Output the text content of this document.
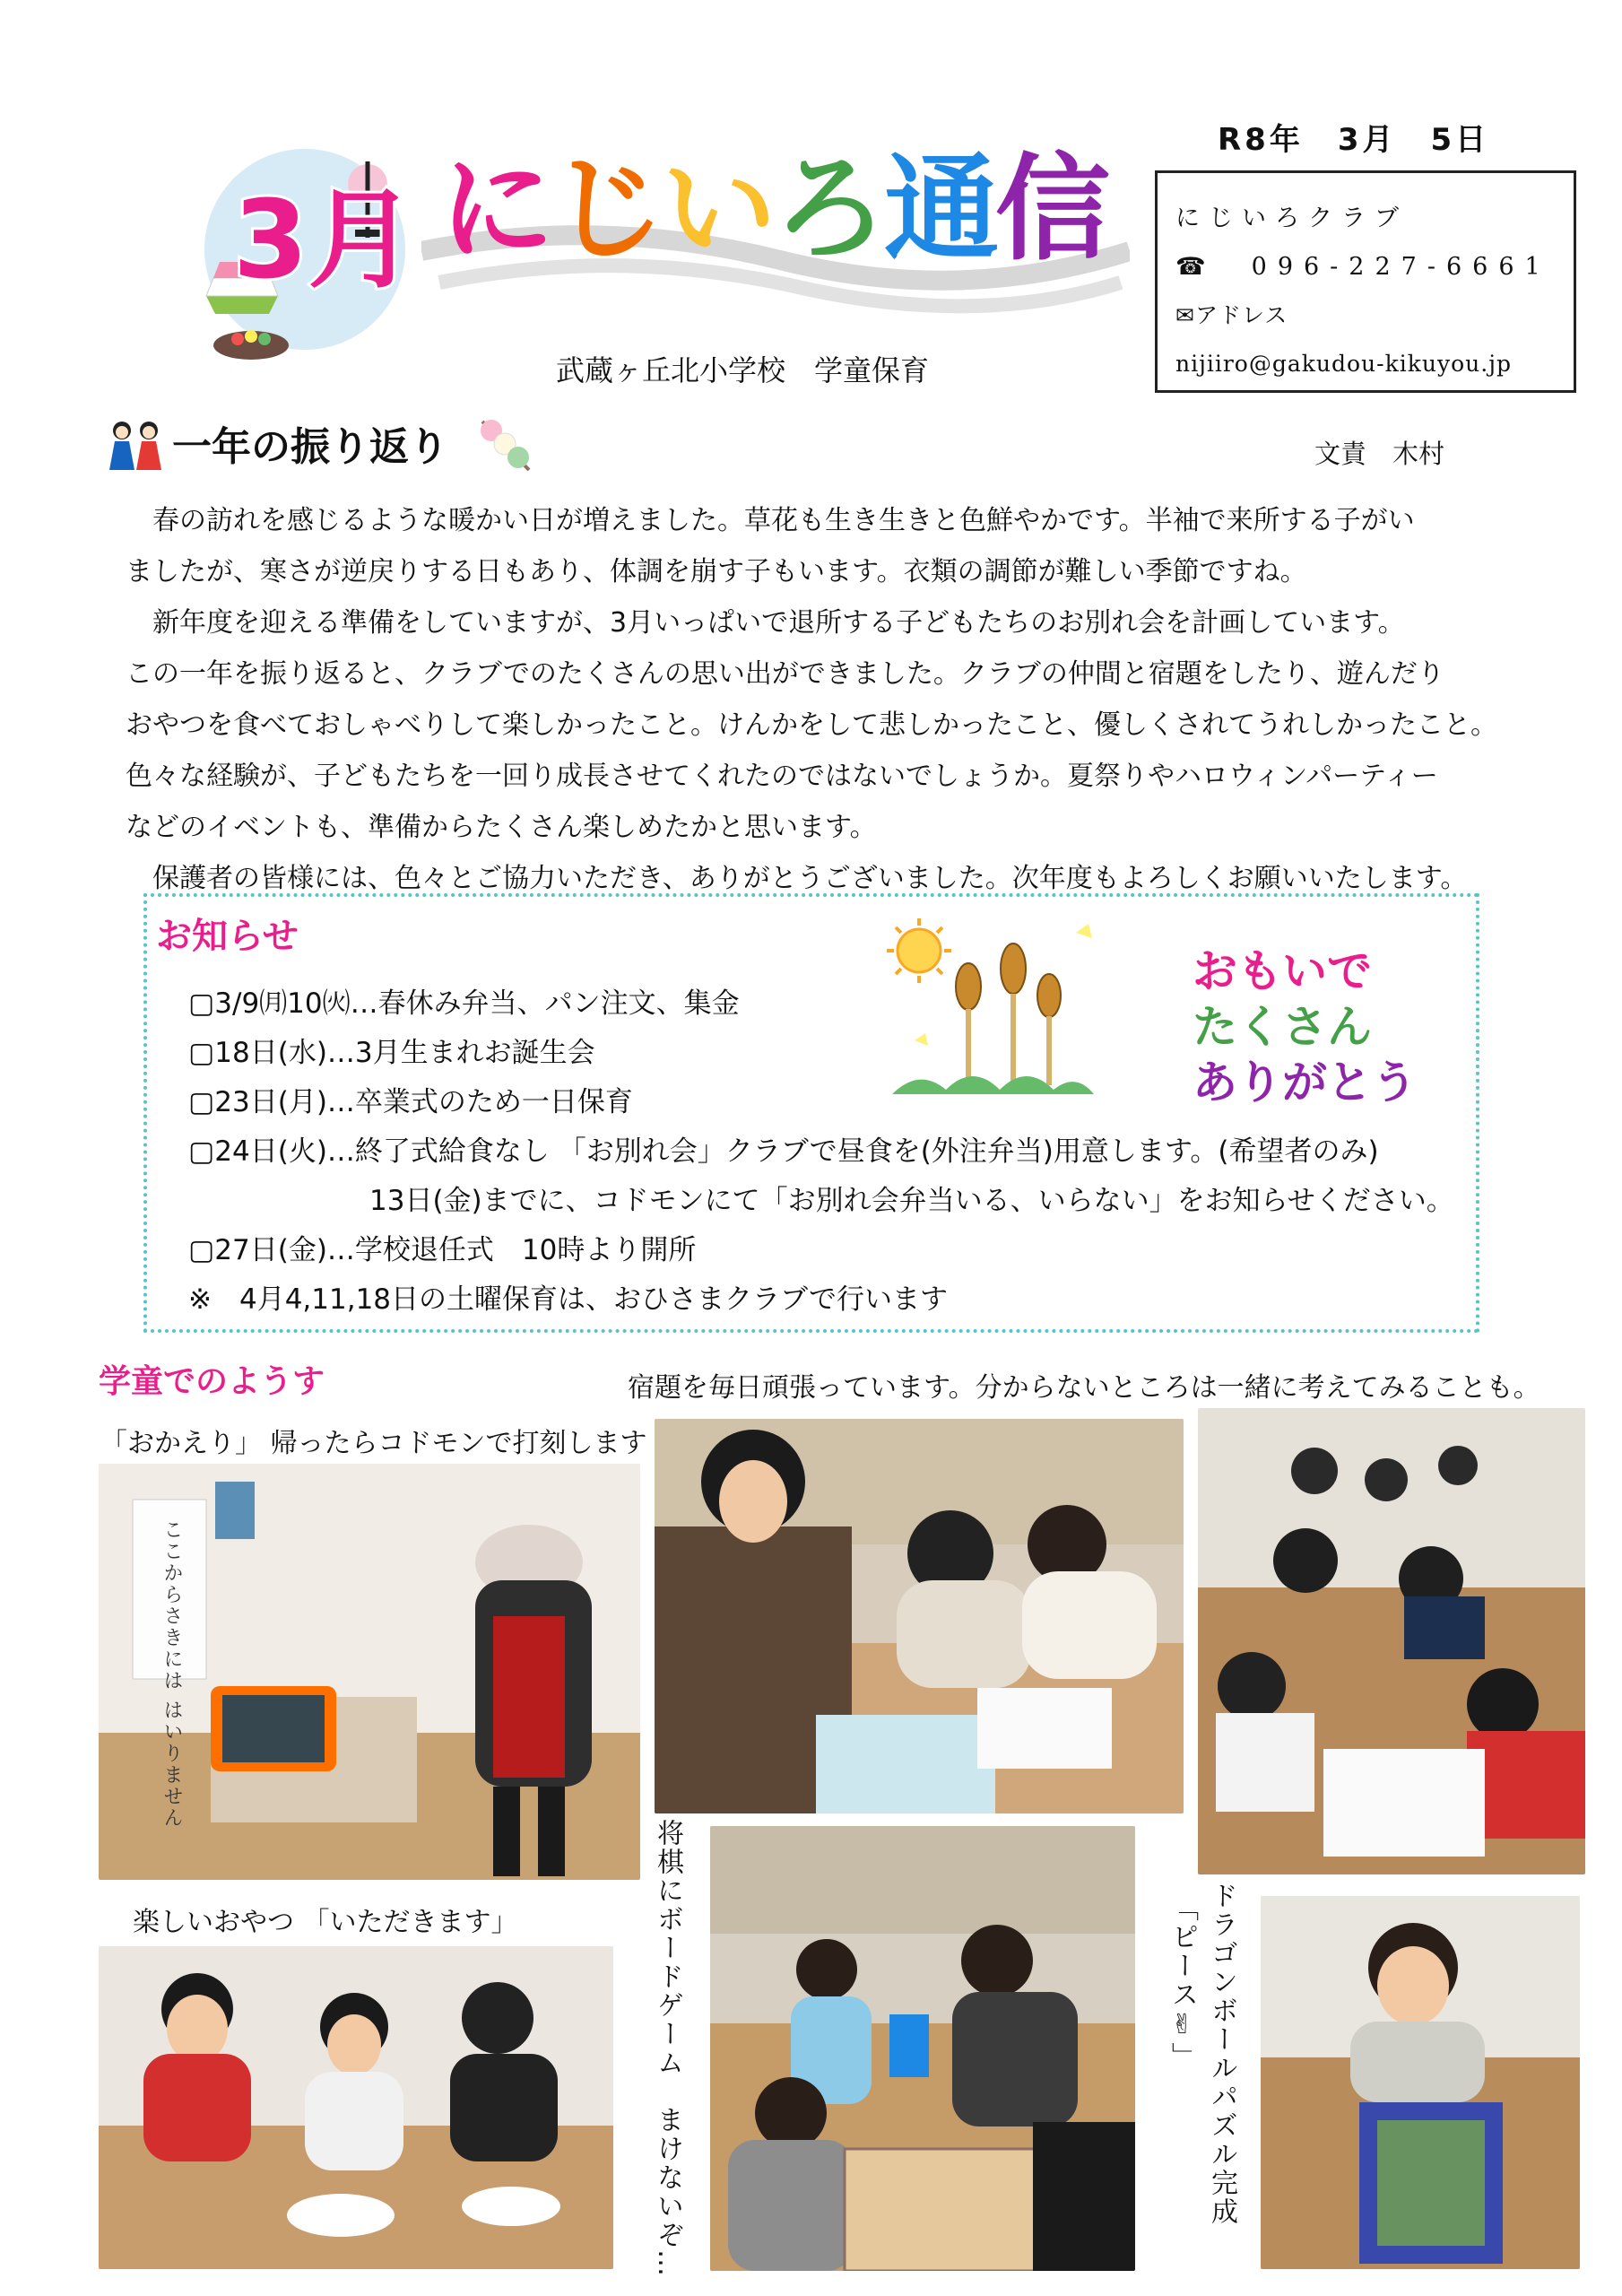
R8年　3月　5日
3月 にじいろ通信
武蔵ヶ丘北小学校　学童保育
にじいろクラブ
☎　 096-227-6661
✉アドレス
nijiiro@gakudou-kikuyou.jp
一年の振り返り	文責　木村

　春の訪れを感じるような暖かい日が増えました。草花も生き生きと色鮮やかです。半袖で来所する子がい

ましたが、寒さが逆戻りする日もあり、体調を崩す子もいます。衣類の調節が難しい季節ですね。

　新年度を迎える準備をしていますが、3月いっぱいで退所する子どもたちのお別れ会を計画しています。

この一年を振り返ると、クラブでのたくさんの思い出ができました。クラブの仲間と宿題をしたり、遊んだり

おやつを食べておしゃべりして楽しかったこと。けんかをして悲しかったこと、優しくされてうれしかったこと。

色々な経験が、子どもたちを一回り成長させてくれたのではないでしょうか。夏祭りやハロウィンパーティー

などのイベントも、準備からたくさん楽しめたかと思います。

　保護者の皆様には、色々とご協力いただき、ありがとうございました。次年度もよろしくお願いいたします。

お知らせ
▢3/9㈪10㈫…春休み弁当、パン注文、集金
▢18日(水)…3月生まれお誕生会
▢23日(月)…卒業式のため一日保育
▢24日(火)…終了式給食なし 「お別れ会」クラブで昼食を(外注弁当)用意します。(希望者のみ)
13日(金)までに、コドモンにて「お別れ会弁当いる、いらない」をお知らせください。
▢27日(金)…学校退任式　10時より開所
※　4月4,11,18日の土曜保育は、おひさまクラブで行います
おもいで
たくさん
ありがとう
学童でのようす	宿題を毎日頑張っています。分からないところは一緒に考えてみることも。
「おかえり」 帰ったらコドモンで打刻します
ここからさきには はいりません
楽しいおやつ 「いただきます」	将棋にボードゲーム　まけないぞ…	ドラゴンボールパズル完成
「ピース✌」
